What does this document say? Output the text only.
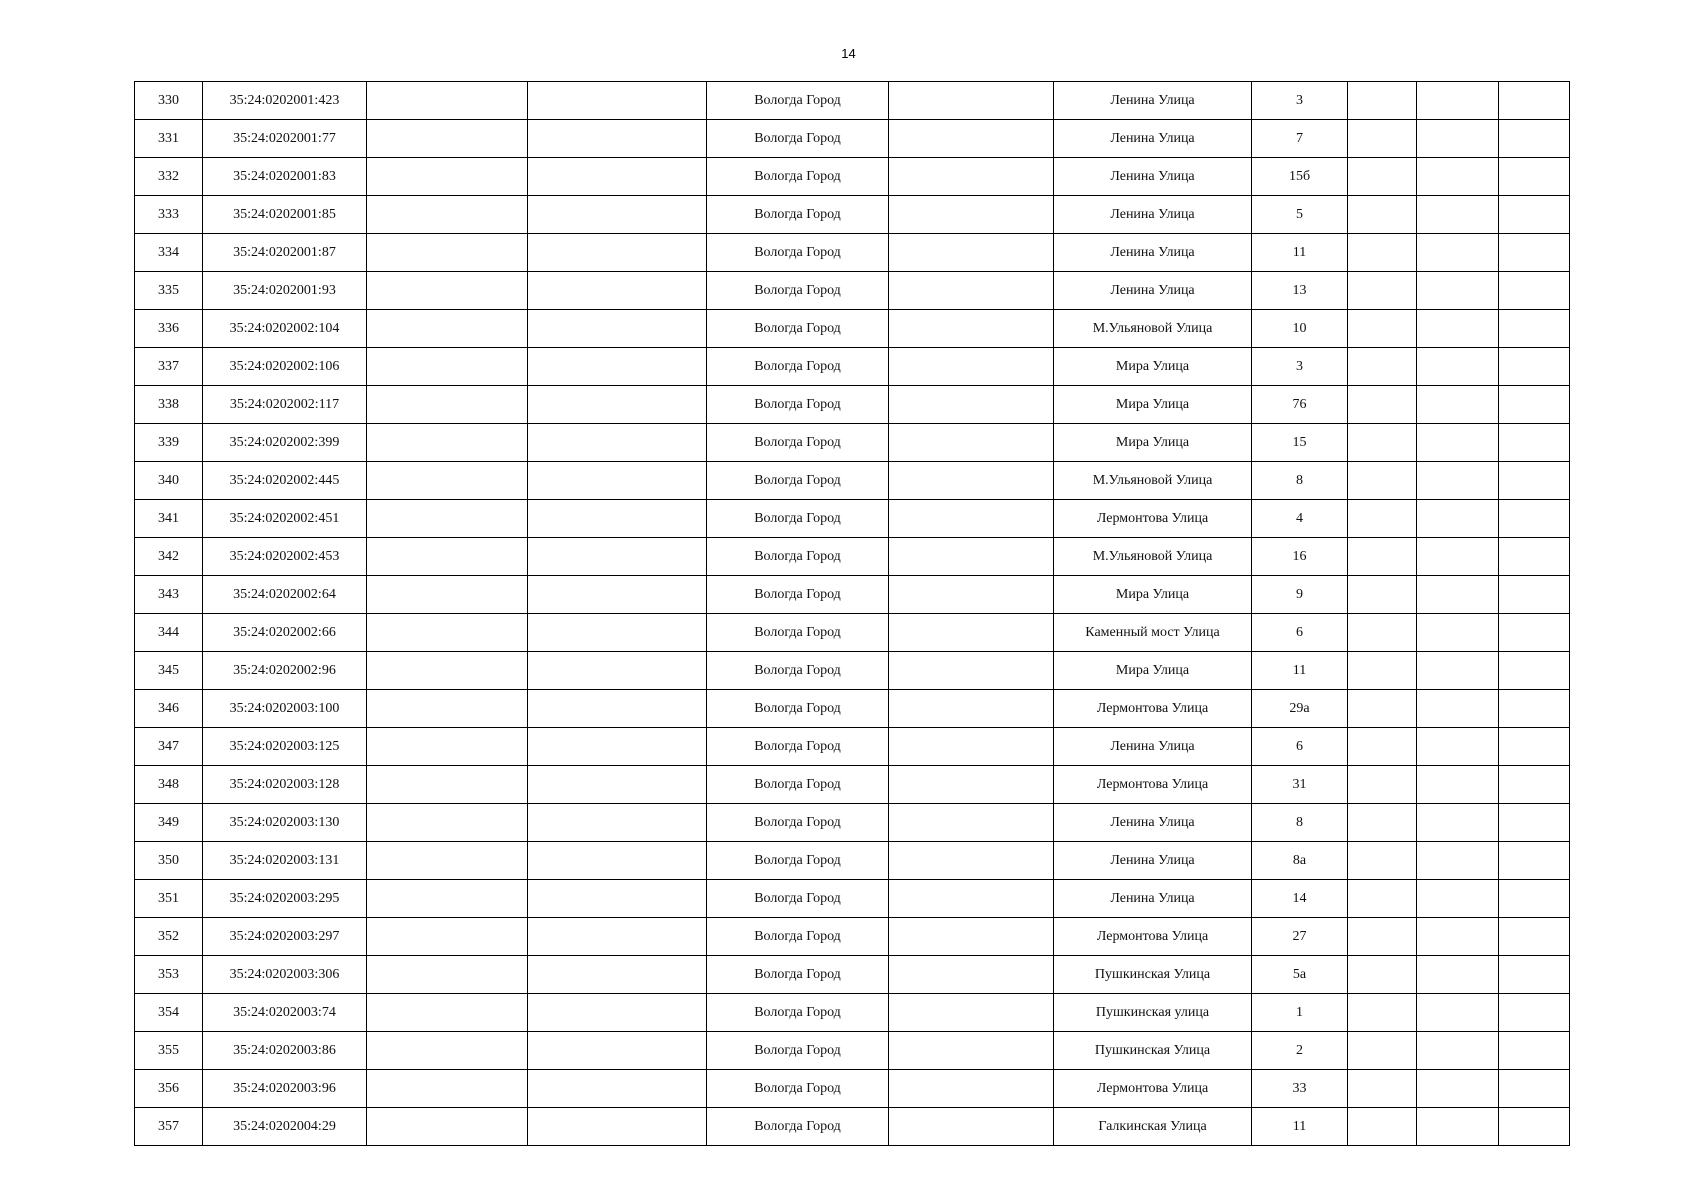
14
330	35:24:0202001:423			Вологда Город		Ленина Улица	3			
331	35:24:0202001:77			Вологда Город		Ленина Улица	7			
332	35:24:0202001:83			Вологда Город		Ленина Улица	15б			
333	35:24:0202001:85			Вологда Город		Ленина Улица	5			
334	35:24:0202001:87			Вологда Город		Ленина Улица	11			
335	35:24:0202001:93			Вологда Город		Ленина Улица	13			
336	35:24:0202002:104			Вологда Город		М.Ульяновой Улица	10			
337	35:24:0202002:106			Вологда Город		Мира Улица	3			
338	35:24:0202002:117			Вологда Город		Мира Улица	76			
339	35:24:0202002:399			Вологда Город		Мира Улица	15			
340	35:24:0202002:445			Вологда Город		М.Ульяновой Улица	8			
341	35:24:0202002:451			Вологда Город		Лермонтова Улица	4			
342	35:24:0202002:453			Вологда Город		М.Ульяновой Улица	16			
343	35:24:0202002:64			Вологда Город		Мира Улица	9			
344	35:24:0202002:66			Вологда Город		Каменный мост Улица	6			
345	35:24:0202002:96			Вологда Город		Мира Улица	11			
346	35:24:0202003:100			Вологда Город		Лермонтова Улица	29а			
347	35:24:0202003:125			Вологда Город		Ленина Улица	6			
348	35:24:0202003:128			Вологда Город		Лермонтова Улица	31			
349	35:24:0202003:130			Вологда Город		Ленина Улица	8			
350	35:24:0202003:131			Вологда Город		Ленина Улица	8а			
351	35:24:0202003:295			Вологда Город		Ленина Улица	14			
352	35:24:0202003:297			Вологда Город		Лермонтова Улица	27			
353	35:24:0202003:306			Вологда Город		Пушкинская Улица	5а			
354	35:24:0202003:74			Вологда Город		Пушкинская улица	1			
355	35:24:0202003:86			Вологда Город		Пушкинская Улица	2			
356	35:24:0202003:96			Вологда Город		Лермонтова Улица	33			
357	35:24:0202004:29			Вологда Город		Галкинская Улица	11			
